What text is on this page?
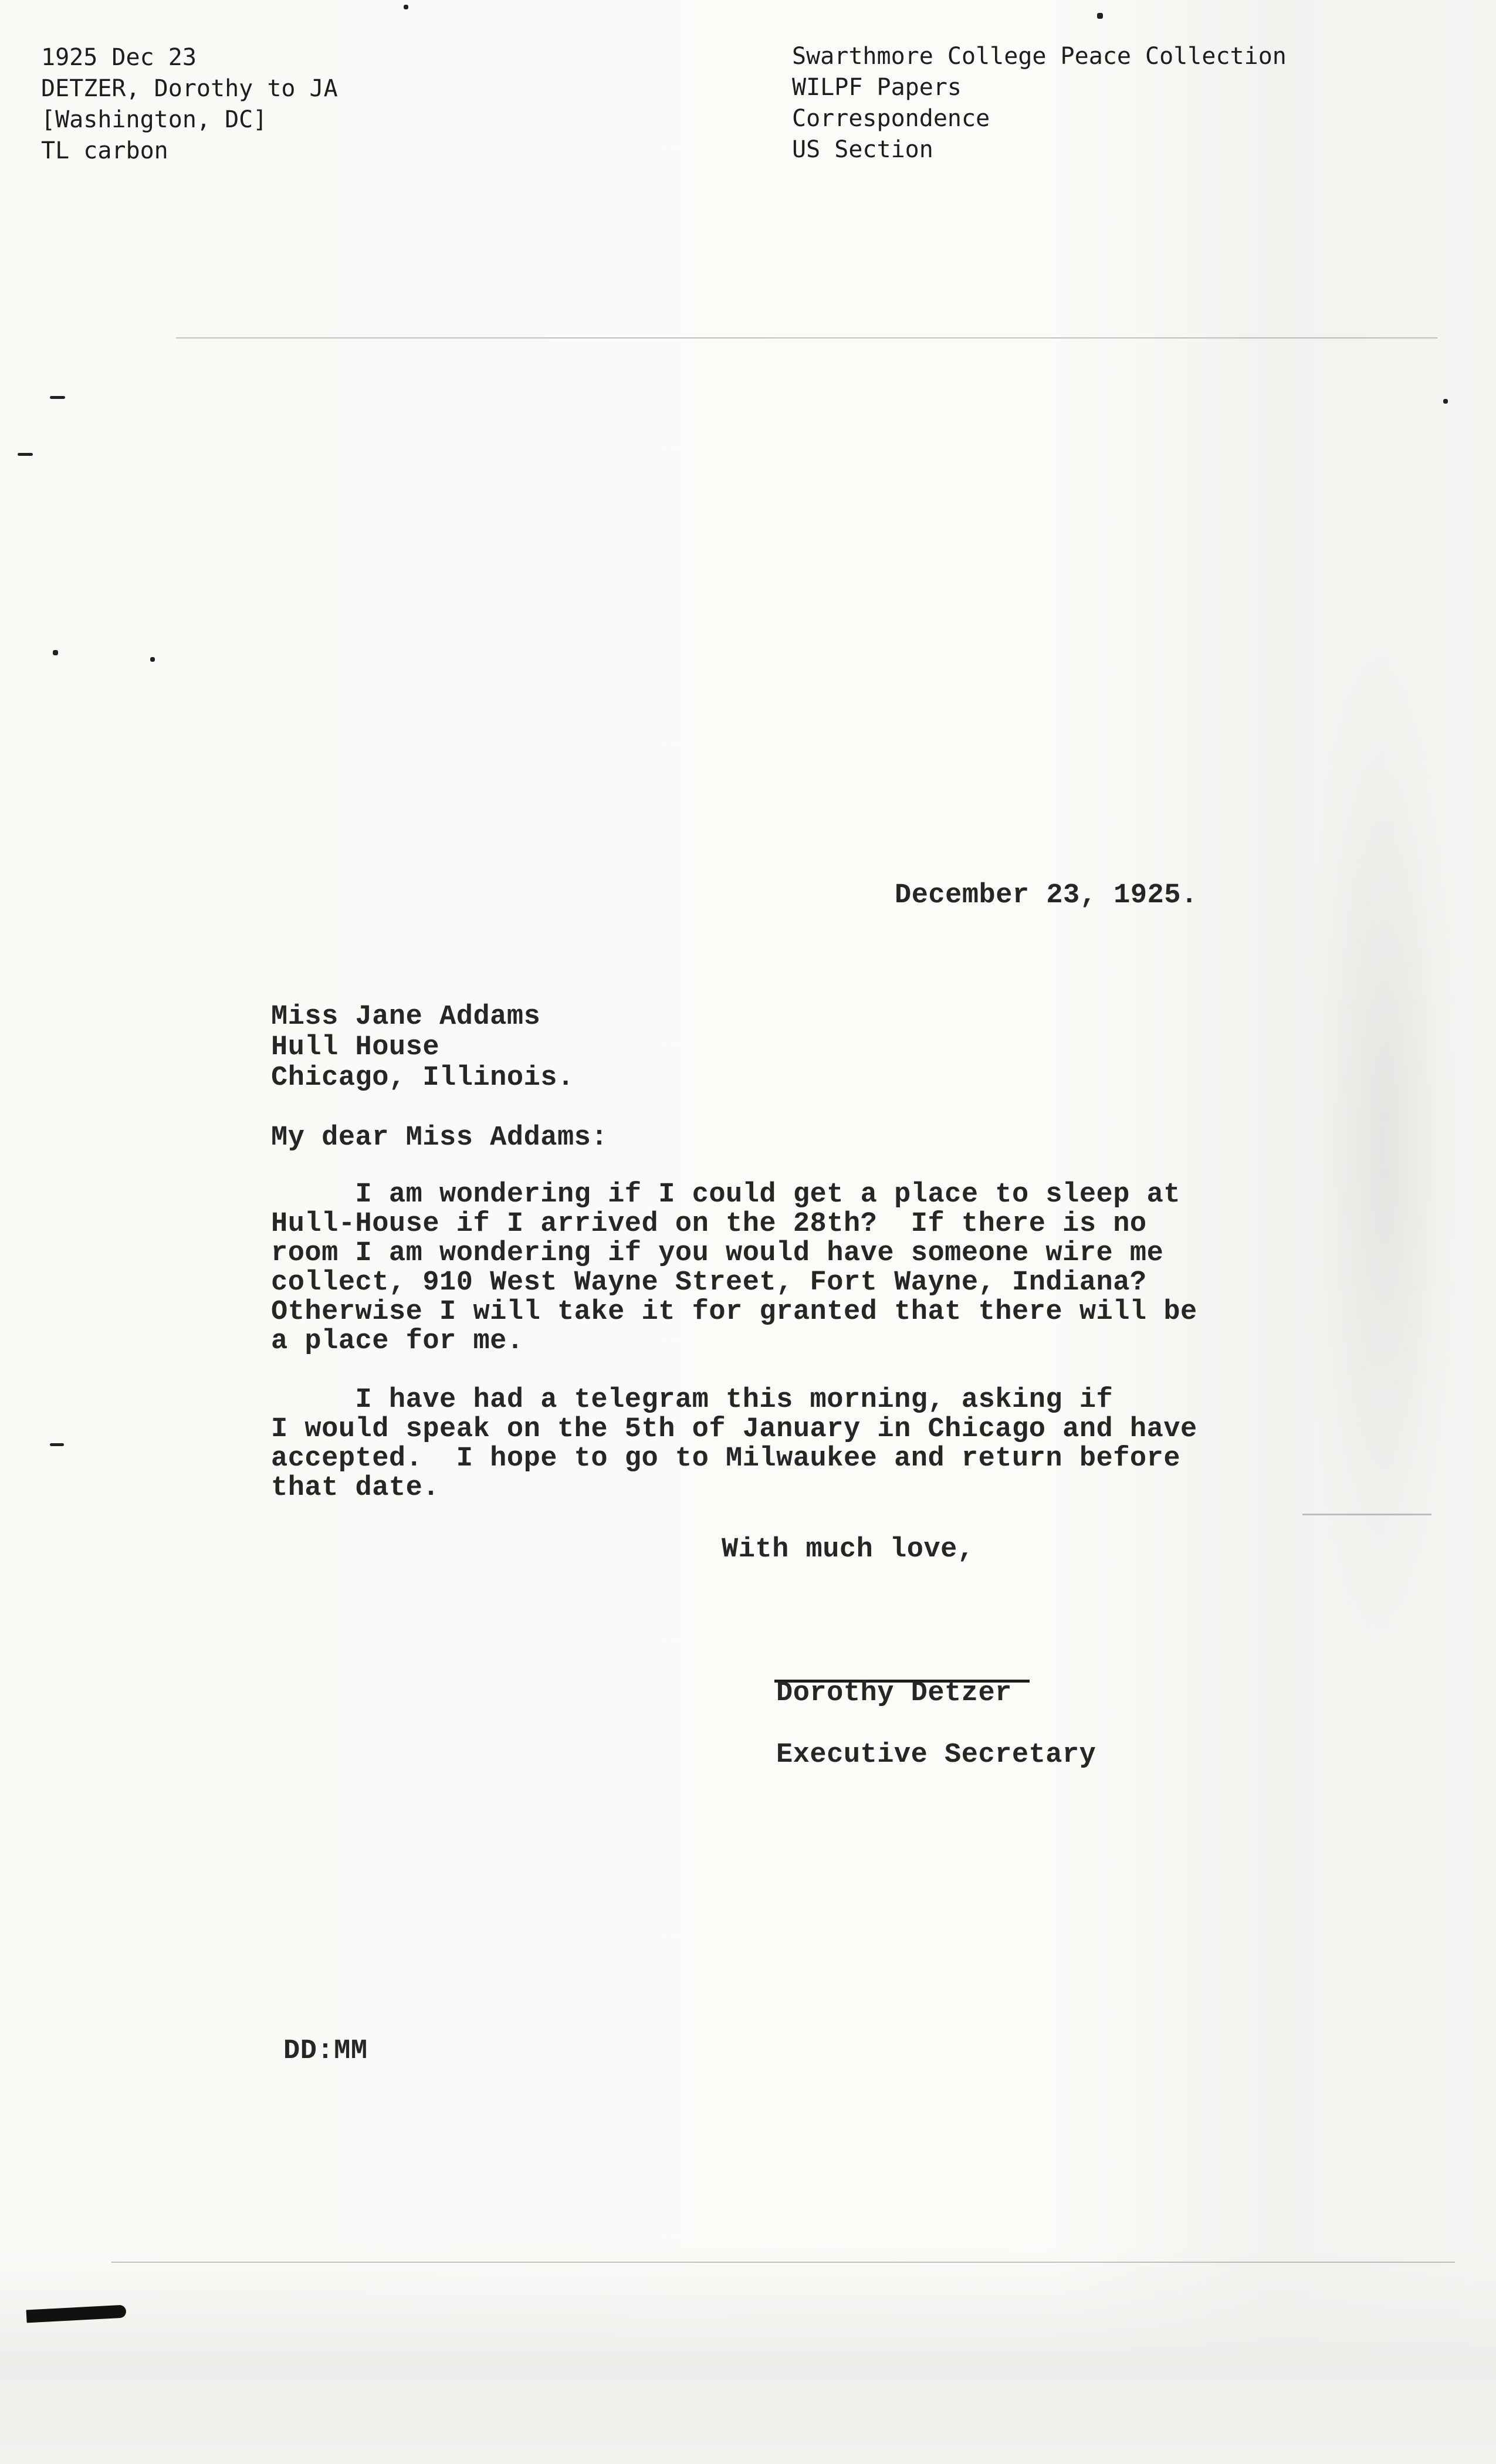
1925 Dec 23
DETZER, Dorothy to JA
[Washington, DC]
TL carbon
Swarthmore College Peace Collection
WILPF Papers
Correspondence
US Section
December 23, 1925.
Miss Jane Addams
Hull House
Chicago, Illinois.
My dear Miss Addams:
I am wondering if I could get a place to sleep at
Hull-House if I arrived on the 28th?  If there is no
room I am wondering if you would have someone wire me
collect, 910 West Wayne Street, Fort Wayne, Indiana?
Otherwise I will take it for granted that there will be
a place for me.
I have had a telegram this morning, asking if
I would speak on the 5th of January in Chicago and have
accepted.  I hope to go to Milwaukee and return before
that date.
With much love,
Dorothy Detzer
Executive Secretary
DD:MM
